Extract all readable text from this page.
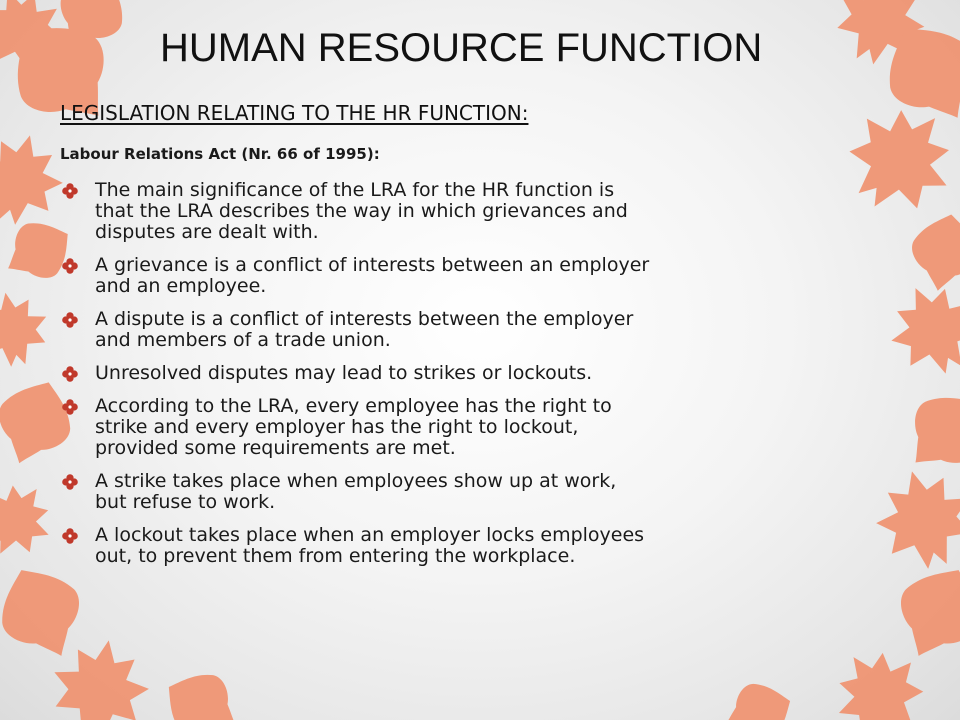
HUMAN RESOURCE FUNCTION
LEGISLATION RELATING TO THE HR FUNCTION:
Labour Relations Act (Nr. 66 of 1995):
The main significance of the LRA for the HR function is
that the LRA describes the way in which grievances and
disputes are dealt with.
A grievance is a conflict of interests between an employer
and an employee.
A dispute is a conflict of interests between the employer
and members of a trade union.
Unresolved disputes may lead to strikes or lockouts.
According to the LRA, every employee has the right to
strike and every employer has the right to lockout,
provided some requirements are met.
A strike takes place when employees show up at work,
but refuse to work.
A lockout takes place when an employer locks employees
out, to prevent them from entering the workplace.
